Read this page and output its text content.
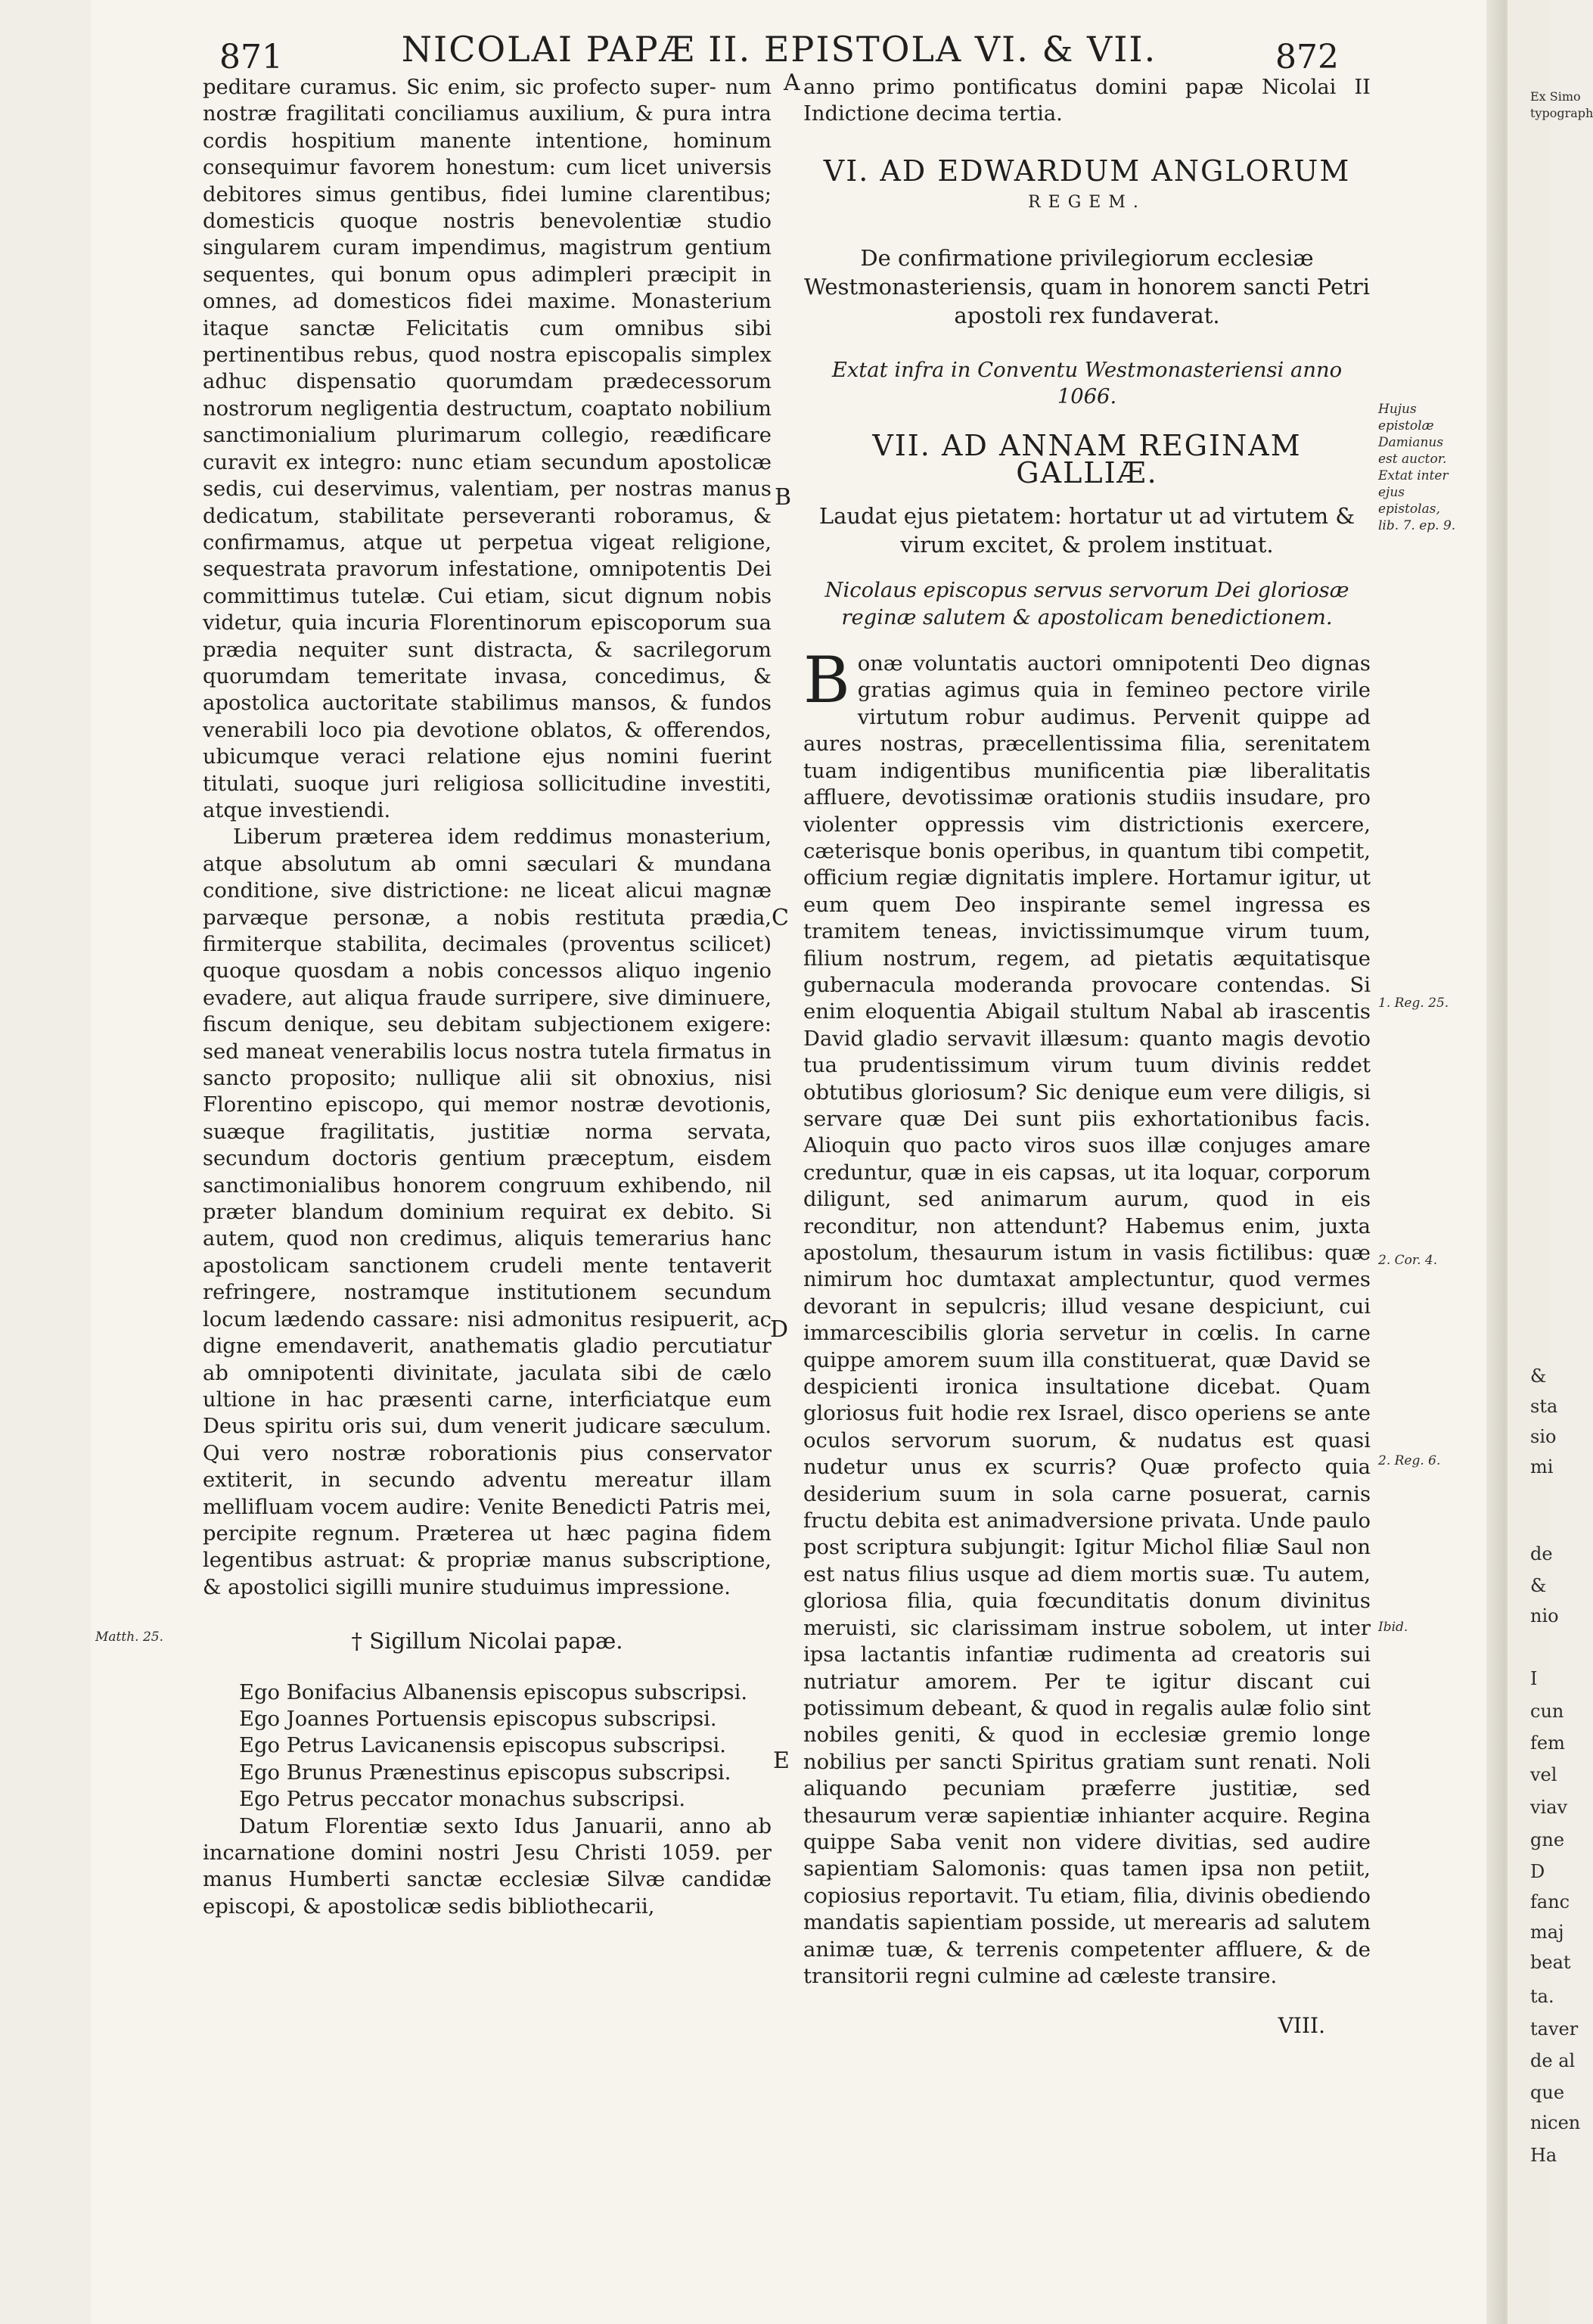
871	NICOLAI PAPÆ II. EPISTOLA VI. & VII.	872

peditare curamus. Sic enim, sic profecto super- num nostræ fragilitati conciliamus auxilium, & pura intra cordis hospitium manente intentione, hominum consequimur favorem honestum: cum licet universis debitores simus gentibus, fidei lumine clarentibus; domesticis quoque nostris benevolentiæ studio singularem curam impendimus, magistrum gentium sequentes, qui bonum opus adimpleri præcipit in omnes, ad domesticos fidei maxime. Monasterium itaque sanctæ Felicitatis cum omnibus sibi pertinentibus rebus, quod nostra episcopalis simplex adhuc dispensatio quorumdam prædecessorum nostrorum negligentia destructum, coaptato nobilium sanctimonialium plurimarum collegio, reædificare curavit ex integro: nunc etiam secundum apostolicæ sedis, cui deservimus, valentiam, per nostras manus dedicatum, stabilitate perseveranti roboramus, & confirmamus, atque ut perpetua vigeat religione, sequestrata pravorum infestatione, omnipotentis Dei committimus tutelæ. Cui etiam, sicut dignum nobis videtur, quia incuria Florentinorum episcoporum sua prædia nequiter sunt distracta, & sacrilegorum quorumdam temeritate invasa, concedimus, & apostolica auctoritate stabilimus mansos, & fundos venerabili loco pia devotione oblatos, & offerendos, ubicumque veraci relatione ejus nomini fuerint titulati, suoque juri religiosa sollicitudine investiti, atque investiendi.

Liberum præterea idem reddimus monasterium, atque absolutum ab omni sæculari & mundana conditione, sive districtione: ne liceat alicui magnæ parvæque personæ, a nobis restituta prædia, firmiterque stabilita, decimales (proventus scilicet) quoque quosdam a nobis concessos aliquo ingenio evadere, aut aliqua fraude surripere, sive diminuere, fiscum denique, seu debitam subjectionem exigere: sed maneat venerabilis locus nostra tutela firmatus in sancto proposito; nullique alii sit obnoxius, nisi Florentino episcopo, qui memor nostræ devotionis, suæque fragilitatis, justitiæ norma servata, secundum doctoris gentium præceptum, eisdem sanctimonialibus honorem congruum exhibendo, nil præter blandum dominium requirat ex debito. Si autem, quod non credimus, aliquis temerarius hanc apostolicam sanctionem crudeli mente tentaverit refringere, nostramque institutionem secundum locum lædendo cassare: nisi admonitus resipuerit, ac digne emendaverit, anathematis gladio percutiatur ab omnipotenti divinitate, jaculata sibi de cælo ultione in hac præsenti carne, interficiatque eum Deus spiritu oris sui, dum venerit judicare sæculum. Qui vero nostræ roborationis pius conservator extiterit, in secundo adventu mereatur illam mellifluam vocem audire: Venite Benedicti Patris mei, percipite regnum. Præterea ut hæc pagina fidem legentibus astruat: & propriæ manus subscriptione, & apostolici sigilli munire studuimus impressione.

† Sigillum Nicolai papæ.

Ego Bonifacius Albanensis episcopus subscripsi.

Ego Joannes Portuensis episcopus subscripsi.

Ego Petrus Lavicanensis episcopus subscripsi.

Ego Brunus Prænestinus episcopus subscripsi.

Ego Petrus peccator monachus subscripsi.

Datum Florentiæ sexto Idus Januarii, anno ab incarnatione domini nostri Jesu Christi 1059. per manus Humberti sanctæ ecclesiæ Silvæ candidæ episcopi, & apostolicæ sedis bibliothecarii,

anno primo pontificatus domini papæ Nicolai II Indictione decima tertia.

VI. AD EDWARDUM ANGLORUM
REGEM.
De confirmatione privilegiorum ecclesiæ Westmonasteriensis, quam in honorem sancti Petri apostoli rex fundaverat.
Extat infra in Conventu Westmonasteriensi anno 1066.
VII. AD ANNAM REGINAM GALLIÆ.
Laudat ejus pietatem: hortatur ut ad virtutem & virum excitet, & prolem instituat.
Nicolaus episcopus servus servorum Dei gloriosæ reginæ salutem & apostolicam benedictionem.

Bonæ voluntatis auctori omnipotenti Deo dignas gratias agimus quia in femineo pectore virile virtutum robur audimus. Pervenit quippe ad aures nostras, præcellentissima filia, serenitatem tuam indigentibus munificentia piæ liberalitatis affluere, devotissimæ orationis studiis insudare, pro violenter oppressis vim districtionis exercere, cæterisque bonis operibus, in quantum tibi competit, officium regiæ dignitatis implere. Hortamur igitur, ut eum quem Deo inspirante semel ingressa es tramitem teneas, invictissimumque virum tuum, filium nostrum, regem, ad pietatis æquitatisque gubernacula moderanda provocare contendas. Si enim eloquentia Abigail stultum Nabal ab irascentis David gladio servavit illæsum: quanto magis devotio tua prudentissimum virum tuum divinis reddet obtutibus gloriosum? Sic denique eum vere diligis, si servare quæ Dei sunt piis exhortationibus facis. Alioquin quo pacto viros suos illæ conjuges amare creduntur, quæ in eis capsas, ut ita loquar, corporum diligunt, sed animarum aurum, quod in eis reconditur, non attendunt? Habemus enim, juxta apostolum, thesaurum istum in vasis fictilibus: quæ nimirum hoc dumtaxat amplectuntur, quod vermes devorant in sepulcris; illud vesane despiciunt, cui immarcescibilis gloria servetur in cœlis. In carne quippe amorem suum illa constituerat, quæ David se despicienti ironica insultatione dicebat. Quam gloriosus fuit hodie rex Israel, disco operiens se ante oculos servorum suorum, & nudatus est quasi nudetur unus ex scurris? Quæ profecto quia desiderium suum in sola carne posuerat, carnis fructu debita est animadversione privata. Unde paulo post scriptura subjungit: Igitur Michol filiæ Saul non est natus filius usque ad diem mortis suæ. Tu autem, gloriosa filia, quia fœcunditatis donum divinitus meruisti, sic clarissimam instrue sobolem, ut inter ipsa lactantis infantiæ rudimenta ad creatoris sui nutriatur amorem. Per te igitur discant cui potissimum debeant, & quod in regalis aulæ folio sint nobiles geniti, & quod in ecclesiæ gremio longe nobilius per sancti Spiritus gratiam sunt renati. Noli aliquando pecuniam præferre justitiæ, sed thesaurum veræ sapientiæ inhianter acquire. Regina quippe Saba venit non videre divitias, sed audire sapientiam Salomonis: quas tamen ipsa non petiit, copiosius reportavit. Tu etiam, filia, divinis obediendo mandatis sapientiam posside, ut merearis ad salutem animæ tuæ, & terrenis competenter affluere, & de transitorii regni culmine ad cæleste transire.

VIII.
A
B
C
D
E
Hujus epistolæ Damianus est auctor. Extat inter ejus epistolas, lib. 7. ep. 9.
1. Reg. 25.
2. Cor. 4.
2. Reg. 6.
Ibid.
Matth. 25.
Ex Simo
typograph
&
sta
sio
mi
de
&
nio
I
cun
fem
vel
viav
gne
D
fanc
maj
beat
ta.
taver
de al
que
nicen
Ha
